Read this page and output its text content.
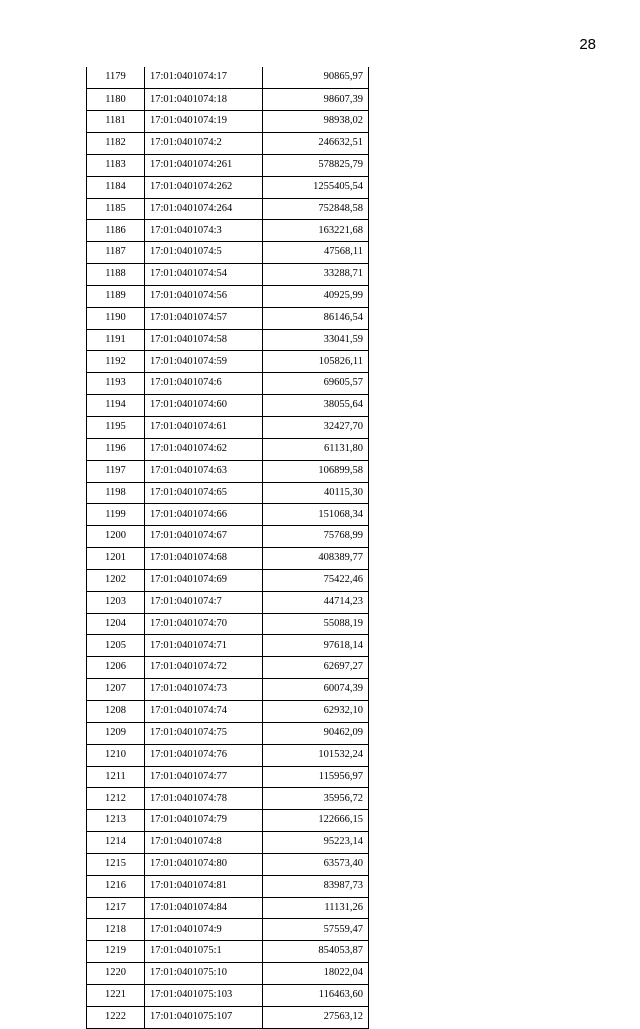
28
1179	17:01:0401074:17	90865,97
1180	17:01:0401074:18	98607,39
1181	17:01:0401074:19	98938,02
1182	17:01:0401074:2	246632,51
1183	17:01:0401074:261	578825,79
1184	17:01:0401074:262	1255405,54
1185	17:01:0401074:264	752848,58
1186	17:01:0401074:3	163221,68
1187	17:01:0401074:5	47568,11
1188	17:01:0401074:54	33288,71
1189	17:01:0401074:56	40925,99
1190	17:01:0401074:57	86146,54
1191	17:01:0401074:58	33041,59
1192	17:01:0401074:59	105826,11
1193	17:01:0401074:6	69605,57
1194	17:01:0401074:60	38055,64
1195	17:01:0401074:61	32427,70
1196	17:01:0401074:62	61131,80
1197	17:01:0401074:63	106899,58
1198	17:01:0401074:65	40115,30
1199	17:01:0401074:66	151068,34
1200	17:01:0401074:67	75768,99
1201	17:01:0401074:68	408389,77
1202	17:01:0401074:69	75422,46
1203	17:01:0401074:7	44714,23
1204	17:01:0401074:70	55088,19
1205	17:01:0401074:71	97618,14
1206	17:01:0401074:72	62697,27
1207	17:01:0401074:73	60074,39
1208	17:01:0401074:74	62932,10
1209	17:01:0401074:75	90462,09
1210	17:01:0401074:76	101532,24
1211	17:01:0401074:77	115956,97
1212	17:01:0401074:78	35956,72
1213	17:01:0401074:79	122666,15
1214	17:01:0401074:8	95223,14
1215	17:01:0401074:80	63573,40
1216	17:01:0401074:81	83987,73
1217	17:01:0401074:84	11131,26
1218	17:01:0401074:9	57559,47
1219	17:01:0401075:1	854053,87
1220	17:01:0401075:10	18022,04
1221	17:01:0401075:103	116463,60
1222	17:01:0401075:107	27563,12
